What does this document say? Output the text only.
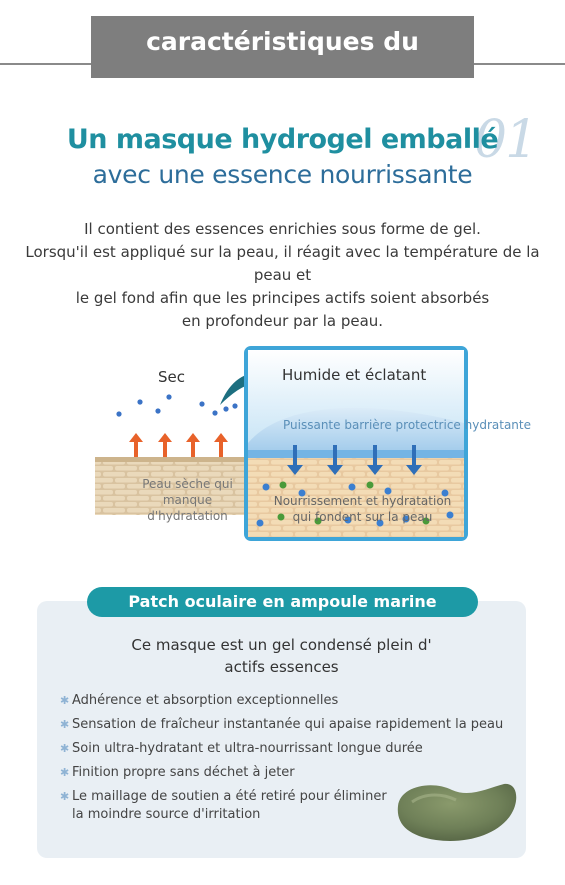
caractéristiques du produit
01
Un masque hydrogel emballé
avec une essence nourrissante
Il contient des essences enrichies sous forme de gel.
Lorsqu'il est appliqué sur la peau, il réagit avec la température de la
peau et
le gel fond afin que les principes actifs soient absorbés
en profondeur par la peau.
Sec	Humide et éclatant
Puissante barrière protectrice hydratante
Peau sèche qui
manque d'hydratation
Nourrissement et hydratation
qui fondent sur la peau
Patch oculaire en ampoule marine
Ce masque est un gel condensé plein d'
actifs essences
✱ Adhérence et absorption exceptionnelles
✱ Sensation de fraîcheur instantanée qui apaise rapidement la peau
✱ Soin ultra-hydratant et ultra-nourrissant longue durée
✱ Finition propre sans déchet à jeter
✱ Le maillage de soutien a été retiré pour éliminer
la moindre source d'irritation
